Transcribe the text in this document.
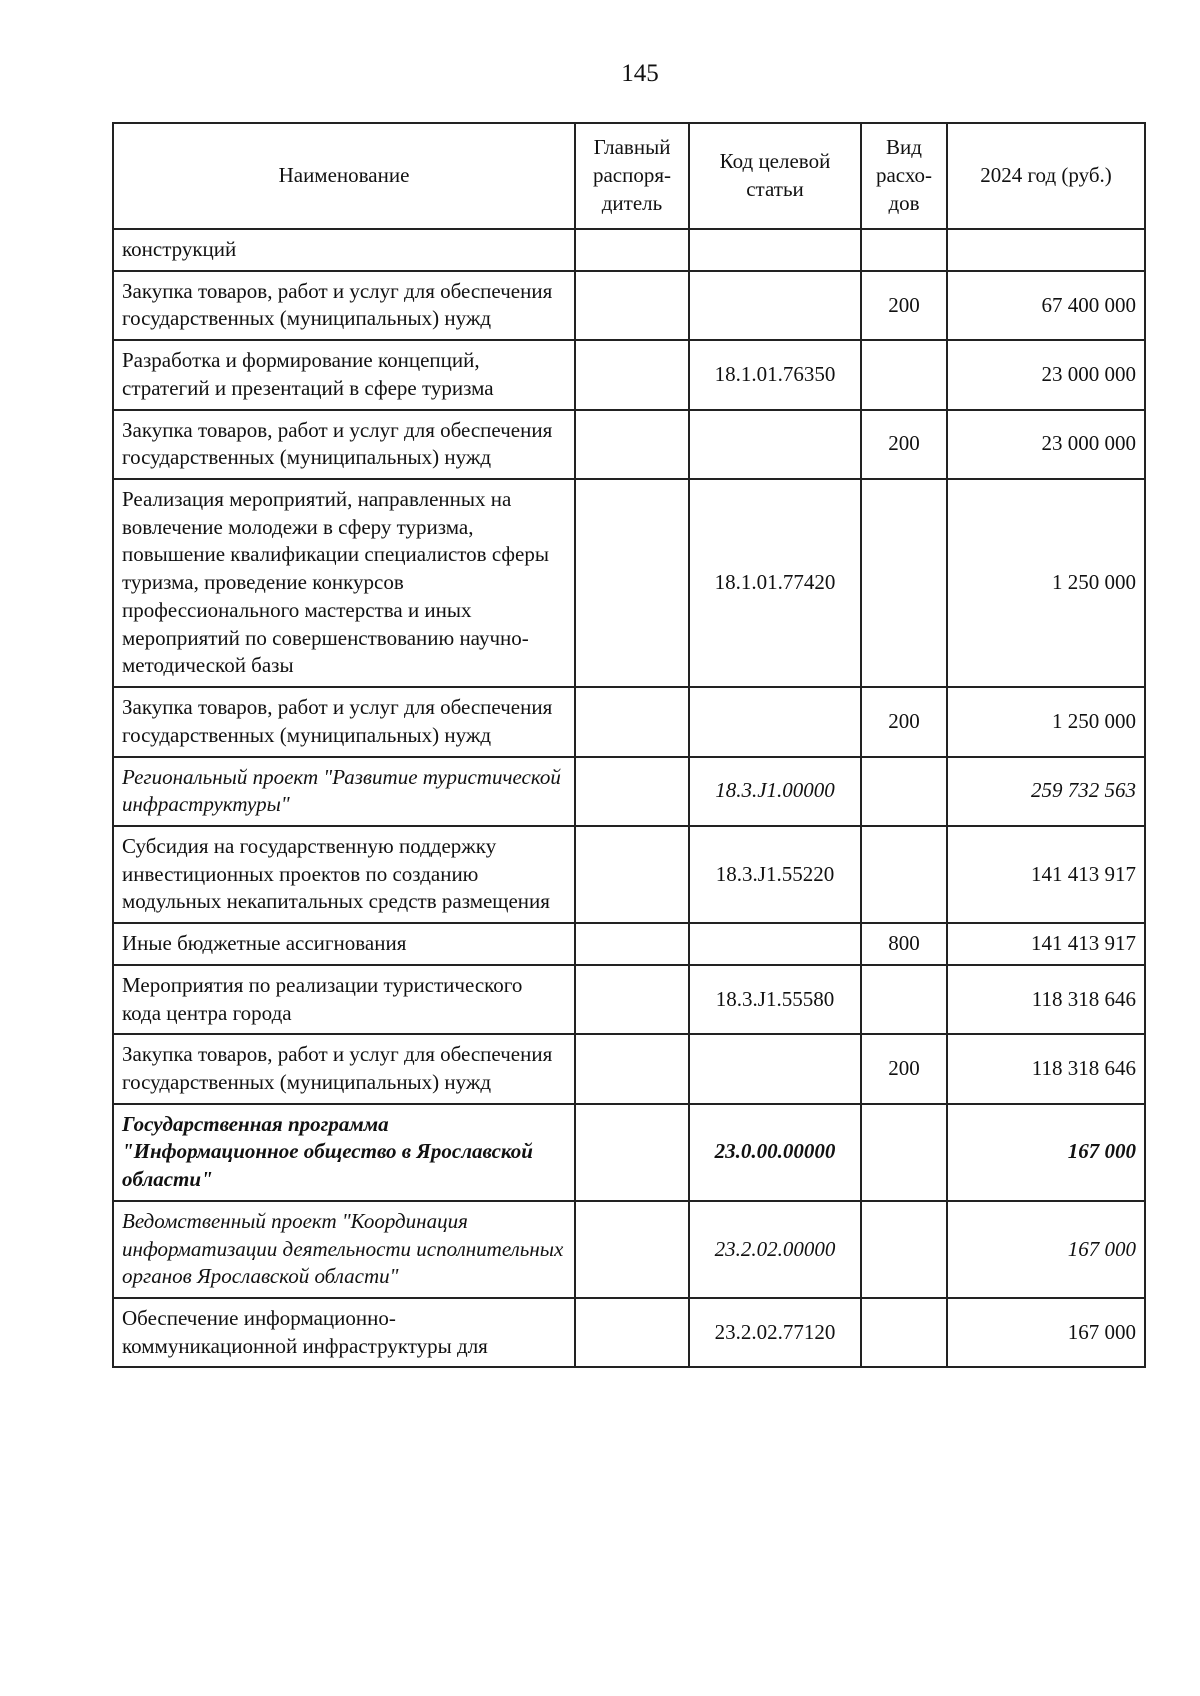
145
Наименование	Главный распоря-дитель	Код целевой статьи	Вид расхо-дов	2024 год (руб.)
конструкций				
Закупка товаров, работ и услуг для обеспечения государственных (муниципальных) нужд			200	67 400 000
Разработка и формирование концепций, стратегий и презентаций в сфере туризма		18.1.01.76350		23 000 000
Закупка товаров, работ и услуг для обеспечения государственных (муниципальных) нужд			200	23 000 000
Реализация мероприятий, направленных на вовлечение молодежи в сферу туризма, повышение квалификации специалистов сферы туризма, проведение конкурсов профессионального мастерства и иных мероприятий по совершенствованию научно-методической базы		18.1.01.77420		1 250 000
Закупка товаров, работ и услуг для обеспечения государственных (муниципальных) нужд			200	1 250 000
Региональный проект "Развитие туристической инфраструктуры"		18.3.J1.00000		259 732 563
Субсидия на государственную поддержку инвестиционных проектов по созданию модульных некапитальных средств размещения		18.3.J1.55220		141 413 917
Иные бюджетные ассигнования			800	141 413 917
Мероприятия по реализации туристического кода центра города		18.3.J1.55580		118 318 646
Закупка товаров, работ и услуг для обеспечения государственных (муниципальных) нужд			200	118 318 646
Государственная программа "Информационное общество в Ярославской области"		23.0.00.00000		167 000
Ведомственный проект "Координация информатизации деятельности исполнительных органов Ярославской области"		23.2.02.00000		167 000
Обеспечение информационно-коммуникационной инфраструктуры для		23.2.02.77120		167 000
